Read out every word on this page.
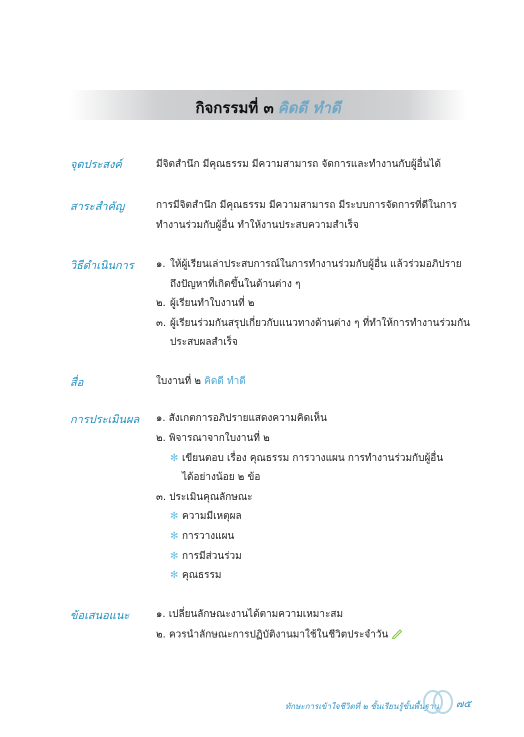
กิจกรรมที่ ๓ คิดดี ทำดี
จุดประสงค์	มีจิตสำนึก มีคุณธรรม มีความสามารถ จัดการและทำงานกับผู้อื่นได้
สาระสำคัญ	การมีจิตสำนึก มีคุณธรรม มีความสามารถ มีระบบการจัดการที่ดีในการ
ทำงานร่วมกับผู้อื่น ทำให้งานประสบความสำเร็จ
วิธีดำเนินการ ๑. ให้ผู้เรียนเล่าประสบการณ์ในการทำงานร่วมกับผู้อื่น แล้วร่วมอภิปราย
ถึงปัญหาที่เกิดขึ้นในด้านต่าง ๆ
๒. ผู้เรียนทำใบงานที่ ๒
๓. ผู้เรียนร่วมกันสรุปเกี่ยวกับแนวทางด้านต่าง ๆ ที่ทำให้การทำงานร่วมกัน
ประสบผลสำเร็จ
สื่อ	ใบงานที่ ๒ คิดดี ทำดี
การประเมินผล ๑. สังเกตการอภิปรายแสดงความคิดเห็น
๒. พิจารณาจากใบงานที่ ๒
✻ เขียนตอบ เรื่อง คุณธรรม การวางแผน การทำงานร่วมกับผู้อื่น
ได้อย่างน้อย ๒ ข้อ
๓. ประเมินคุณลักษณะ
✻ ความมีเหตุผล
✻ การวางแผน
✻ การมีส่วนร่วม
✻ คุณธรรม
ข้อเสนอแนะ	๑. เปลี่ยนลักษณะงานได้ตามความเหมาะสม
๒. ควรนำลักษณะการปฏิบัติงานมาใช้ในชีวิตประจำวัน
ทักษะการเข้าใจชีวิตที่ ๒ ชั้นเรียนรู้ขั้นพื้นฐาน ๗๕
